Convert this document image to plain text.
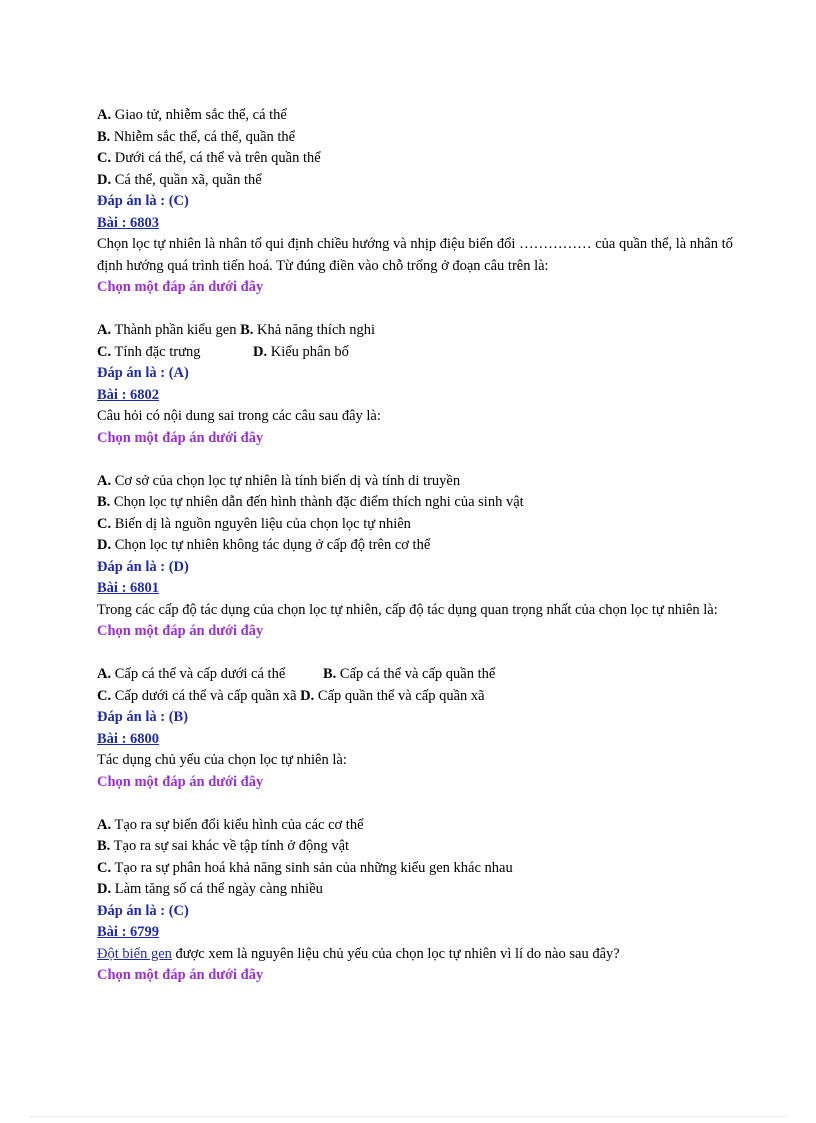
A. Giao tử, nhiễm sắc thể, cá thể
B. Nhiễm sắc thể, cá thể, quần thể
C. Dưới cá thể, cá thể và trên quần thể
D. Cá thể, quần xã, quần thể
Đáp án là : (C)
Bài : 6803
Chọn lọc tự nhiên là nhân tố qui định chiều hướng và nhịp điệu biến đổi …………… của quần thể, là nhân tố định hướng quá trình tiến hoá. Từ đúng điền vào chỗ trống ở đoạn câu trên là:
Chọn một đáp án dưới đây
A. Thành phần kiểu gen B. Khả năng thích nghi
C. Tính đặc trưng	D. Kiểu phân bố
Đáp án là : (A)
Bài : 6802
Câu hỏi có nội dung sai trong các câu sau đây là:
Chọn một đáp án dưới đây
A. Cơ sở của chọn lọc tự nhiên là tính biến dị và tính di truyền
B. Chọn lọc tự nhiên dẫn đến hình thành đặc điểm thích nghi của sinh vật
C. Biến dị là nguồn nguyên liệu của chọn lọc tự nhiên
D. Chọn lọc tự nhiên không tác dụng ở cấp độ trên cơ thể
Đáp án là : (D)
Bài : 6801
Trong các cấp độ tác dụng của chọn lọc tự nhiên, cấp độ tác dụng quan trọng nhất của chọn lọc tự nhiên là:
Chọn một đáp án dưới đây
A. Cấp cá thể và cấp dưới cá thể	B. Cấp cá thể và cấp quần thể
C. Cấp dưới cá thể và cấp quần xã D. Cấp quần thể và cấp quần xã
Đáp án là : (B)
Bài : 6800
Tác dụng chủ yếu của chọn lọc tự nhiên là:
Chọn một đáp án dưới đây
A. Tạo ra sự biến đổi kiểu hình của các cơ thể
B. Tạo ra sự sai khác về tập tính ở động vật
C. Tạo ra sự phân hoá khả năng sinh sản của những kiểu gen khác nhau
D. Làm tăng số cá thể ngày càng nhiều
Đáp án là : (C)
Bài : 6799
Đột biến gen được xem là nguyên liệu chủ yếu của chọn lọc tự nhiên vì lí do nào sau đây?
Chọn một đáp án dưới đây
